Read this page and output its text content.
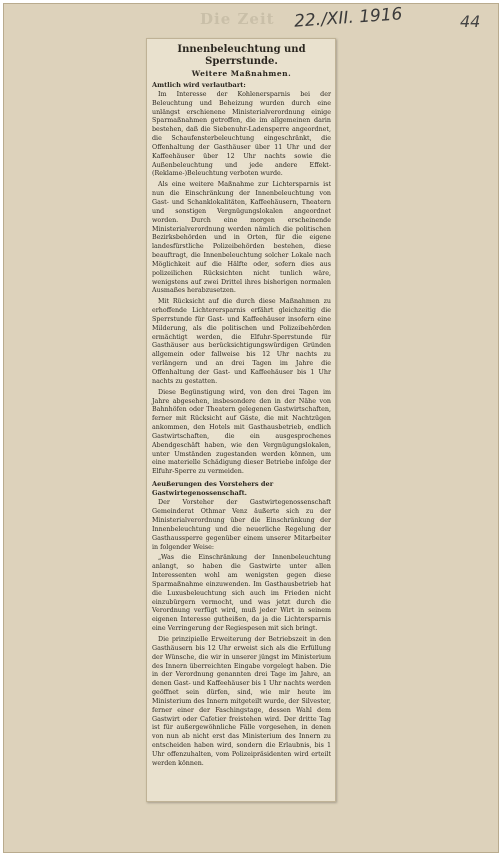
Die Zeit 22./XII. 1916	44
Innenbeleuchtung und Sperrstunde.
Weitere Maßnahmen.

Amtlich wird verlautbart:

Im Interesse der Kohlenersparnis bei der Beleuchtung und Beheizung wurden durch eine unlängst erschienene Ministerialverordnung einige Sparmaßnahmen getroffen, die im allgemeinen darin bestehen, daß die Siebenuhr-Ladensperre angeordnet, die Schaufensterbeleuchtung eingeschränkt, die Offenhaltung der Gasthäuser über 11 Uhr und der Kaffeehäuser über 12 Uhr nachts sowie die Außenbeleuchtung und jede andere Effekt-(Reklame-)Beleuchtung verboten wurde.

Als eine weitere Maßnahme zur Lichtersparnis ist nun die Einschränkung der Innenbeleuchtung von Gast- und Schanklokalitäten, Kaffeehäusern, Theatern und sonstigen Vergnügungslokalen angeordnet worden. Durch eine morgen erscheinende Ministerialverordnung werden nämlich die politischen Bezirksbehörden und in Orten, für die eigene landesfürstliche Polizeibehörden bestehen, diese beauftragt, die Innenbeleuchtung solcher Lokale nach Möglichkeit auf die Hälfte oder, sofern dies aus polizeilichen Rücksichten nicht tunlich wäre, wenigstens auf zwei Drittel ihres bisherigen normalen Ausmaßes herabzusetzen.

Mit Rücksicht auf die durch diese Maßnahmen zu erhoffende Lichterersparnis erfährt gleichzeitig die Sperrstunde für Gast- und Kaffeehäuser insofern eine Milderung, als die politischen und Polizeibehörden ermächtigt werden, die Elfuhr-Sperrstunde für Gasthäuser aus berücksichtigungswürdigen Gründen allgemein oder fallweise bis 12 Uhr nachts zu verlängern und an drei Tagen im Jahre die Offenhaltung der Gast- und Kaffeehäuser bis 1 Uhr nachts zu gestatten.

Diese Begünstigung wird, von den drei Tagen im Jahre abgesehen, insbesondere den in der Nähe von Bahnhöfen oder Theatern gelegenen Gastwirtschaften, ferner mit Rücksicht auf Gäste, die mit Nachtzügen ankommen, den Hotels mit Gasthausbetrieb, endlich Gastwirtschaften, die ein ausgesprochenes Abendgeschäft haben, wie den Vergnügungslokalen, unter Umständen zugestanden werden können, um eine materielle Schädigung dieser Betriebe infolge der Elfuhr-Sperre zu vermeiden.

Aeußerungen des Vorstehers der Gastwirtegenossenschaft.

Der Vorsteher der Gastwirtegenossenschaft Gemeinderat Othmar Venz äußerte sich zu der Ministerialverordnung über die Einschränkung der Innenbeleuchtung und die neuerliche Regelung der Gasthaussperre gegenüber einem unserer Mitarbeiter in folgender Weise:

„Was die Einschränkung der Innenbeleuchtung anlangt, so haben die Gastwirte unter allen Interessenten wohl am wenigsten gegen diese Sparmaßnahme einzuwenden. Im Gasthausbetrieb hat die Luxusbeleuchtung sich auch im Frieden nicht einzubürgern vermocht, und was jetzt durch die Verordnung verfügt wird, muß jeder Wirt in seinem eigenen Interesse gutheißen, da ja die Lichtersparnis eine Verringerung der Regiespesen mit sich bringt.

Die prinzipielle Erweiterung der Betriebszeit in den Gasthäusern bis 12 Uhr erweist sich als die Erfüllung der Wünsche, die wir in unserer jüngst im Ministerium des Innern überreichten Eingabe vorgelegt haben. Die in der Verordnung genannten drei Tage im Jahre, an denen Gast- und Kaffeehäuser bis 1 Uhr nachts werden geöffnet sein dürfen, sind, wie mir heute im Ministerium des Innern mitgeteilt wurde, der Silvester, ferner einer der Faschingstage, dessen Wahl dem Gastwirt oder Cafetier freistehen wird. Der dritte Tag ist für außergewöhnliche Fälle vorgesehen, in denen von nun ab nicht erst das Ministerium des Innern zu entscheiden haben wird, sondern die Erlaubnis, bis 1 Uhr offenzuhalten, vom Polizeipräsidenten wird erteilt werden können.
